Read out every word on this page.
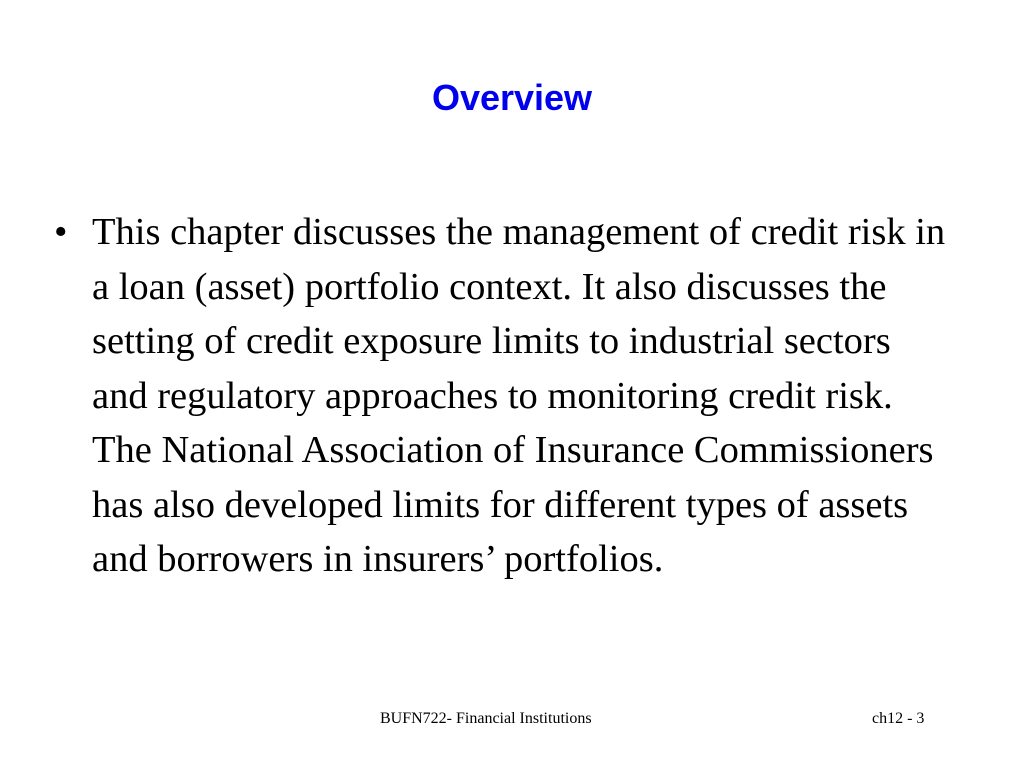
Overview
• This chapter discusses the management of credit risk in a loan (asset) portfolio context. It also discusses the setting of credit exposure limits to industrial sectors and regulatory approaches to monitoring credit risk. The National Association of Insurance Commissioners has also developed limits for different types of assets and borrowers in insurers’ portfolios.
BUFN722- Financial Institutions	ch12 - 3
